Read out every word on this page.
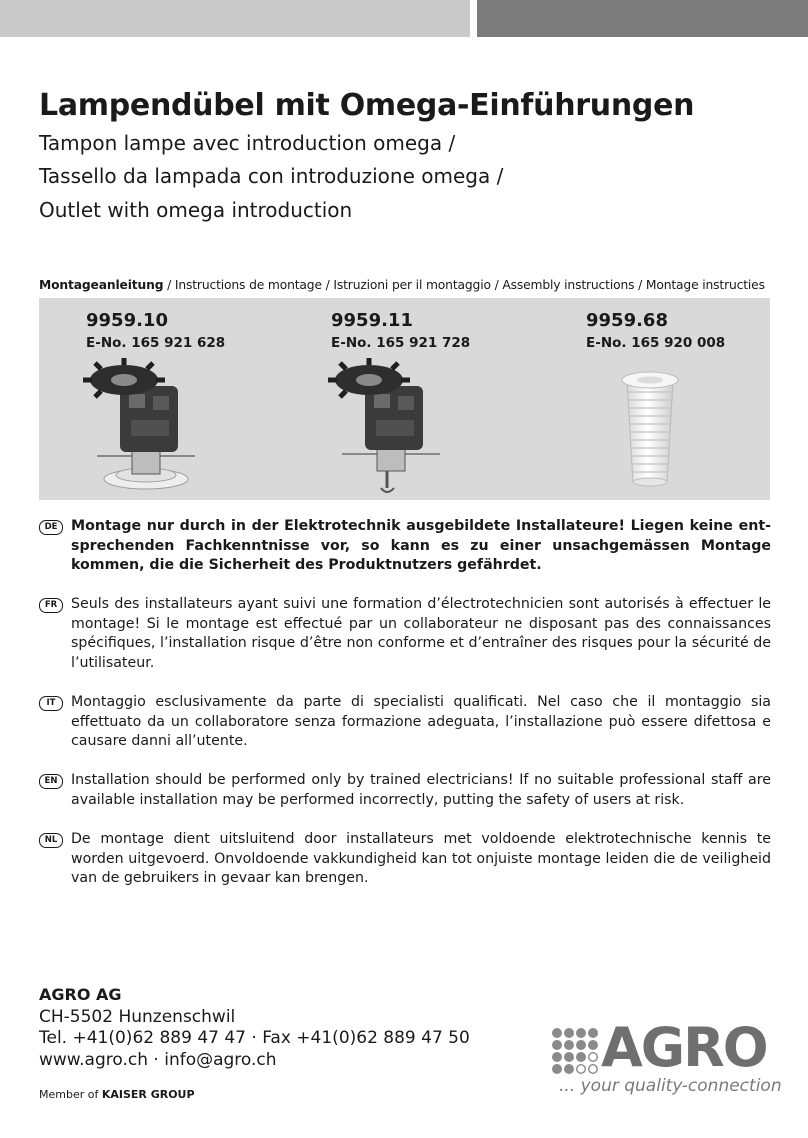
Lampendübel mit Omega-Einführungen
Tampon lampe avec introduction omega /
Tassello da lampada con introduzione omega /
Outlet with omega introduction
Montageanleitung / Instructions de montage / Istruzioni per il montaggio / Assembly instructions / Montage instructies
9959.10
E-No. 165 921 628
9959.11
E-No. 165 921 728
9959.68
E-No. 165 920 008
DE Montage nur durch in der Elektrotechnik ausgebildete Installateure! Liegen keine ent-sprechenden Fachkenntnisse vor, so kann es zu einer unsachgemässen Montage kommen, die die Sicherheit des Produktnutzers gefährdet.
FR Seuls des installateurs ayant suivi une formation d’électrotechnicien sont autorisés à effectuer le montage! Si le montage est effectué par un collaborateur ne disposant pas des connaissances spécifiques, l’installation risque d’être non conforme et d’entraîner des risques pour la sécurité de l’utilisateur.
IT	Montaggio esclusivamente da parte di specialisti qualificati. Nel caso che il montaggio sia effettuato da un collaboratore senza formazione adeguata, l’installazione può essere difettosa e causare danni all’utente.
EN Installation should be performed only by trained electricians! If no suitable professional staff are available installation may be performed incorrectly, putting the safety of users at risk.
NL De montage dient uitsluitend door installateurs met voldoende elektrotechnische kennis te worden uitgevoerd. Onvoldoende vakkundigheid kan tot onjuiste montage leiden die de veiligheid van de gebruikers in gevaar kan brengen.
AGRO AG
CH-5502 Hunzenschwil
Tel. +41(0)62 889 47 47 · Fax +41(0)62 889 47 50
www.agro.ch · info@agro.ch
Member of KAISER GROUP
AGRO
... your quality-connection
